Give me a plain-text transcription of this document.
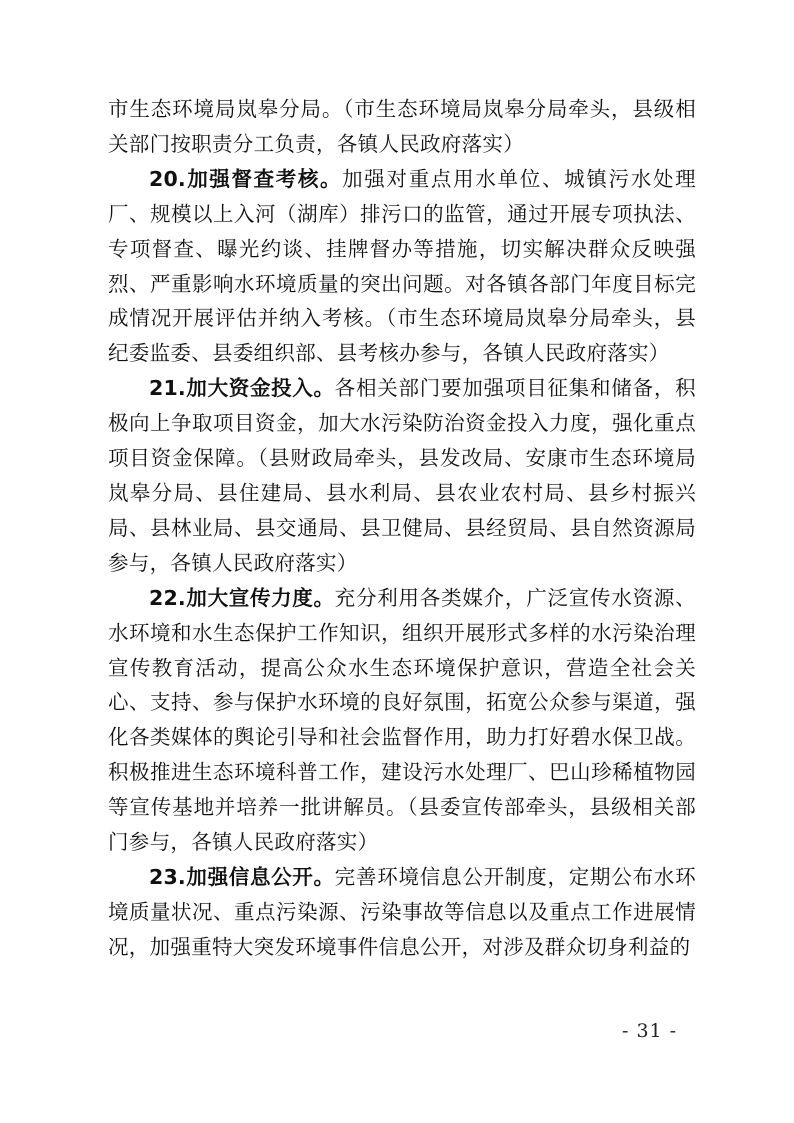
市生态环境局岚皋分局。（市生态环境局岚皋分局牵头，县级相关部门按职责分工负责，各镇人民政府落实）

20.加强督查考核。加强对重点用水单位、城镇污水处理厂、规模以上入河（湖库）排污口的监管，通过开展专项执法、专项督查、曝光约谈、挂牌督办等措施，切实解决群众反映强烈、严重影响水环境质量的突出问题。对各镇各部门年度目标完成情况开展评估并纳入考核。（市生态环境局岚皋分局牵头，县纪委监委、县委组织部、县考核办参与，各镇人民政府落实）

21.加大资金投入。各相关部门要加强项目征集和储备，积极向上争取项目资金，加大水污染防治资金投入力度，强化重点项目资金保障。（县财政局牵头，县发改局、安康市生态环境局岚皋分局、县住建局、县水利局、县农业农村局、县乡村振兴局、县林业局、县交通局、县卫健局、县经贸局、县自然资源局参与，各镇人民政府落实）

22.加大宣传力度。充分利用各类媒介，广泛宣传水资源、水环境和水生态保护工作知识，组织开展形式多样的水污染治理宣传教育活动，提高公众水生态环境保护意识，营造全社会关心、支持、参与保护水环境的良好氛围，拓宽公众参与渠道，强化各类媒体的舆论引导和社会监督作用，助力打好碧水保卫战。积极推进生态环境科普工作，建设污水处理厂、巴山珍稀植物园等宣传基地并培养一批讲解员。（县委宣传部牵头，县级相关部门参与，各镇人民政府落实）

23.加强信息公开。完善环境信息公开制度，定期公布水环境质量状况、重点污染源、污染事故等信息以及重点工作进展情况，加强重特大突发环境事件信息公开，对涉及群众切身利益的

- 31 -
